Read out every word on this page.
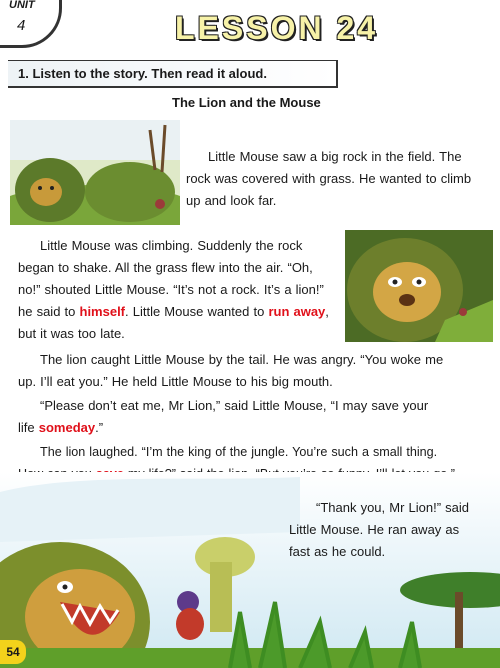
UNIT
4	LESSON 24
1. Listen to the story. Then read it aloud.
The Lion and the Mouse

Little Mouse saw a big rock in the field. The

rock was covered with grass. He wanted to climb

up and look far.

Little Mouse was climbing. Suddenly the rock

began to shake. All the grass flew into the air. “Oh,

no!” shouted Little Mouse. “It’s not a rock. It’s a lion!”

he said to himself. Little Mouse wanted to run away,

but it was too late.

The lion caught Little Mouse by the tail. He was angry. “You woke me

up. I’ll eat you.” He held Little Mouse to his big mouth.

“Please don’t eat me, Mr Lion,” said Little Mouse, “I may save your

life someday.”

The lion laughed. “I’m the king of the jungle. You’re such a small thing.

“Thank you, Mr Lion!” said

Little Mouse. He ran away as

fast as he could.

54
